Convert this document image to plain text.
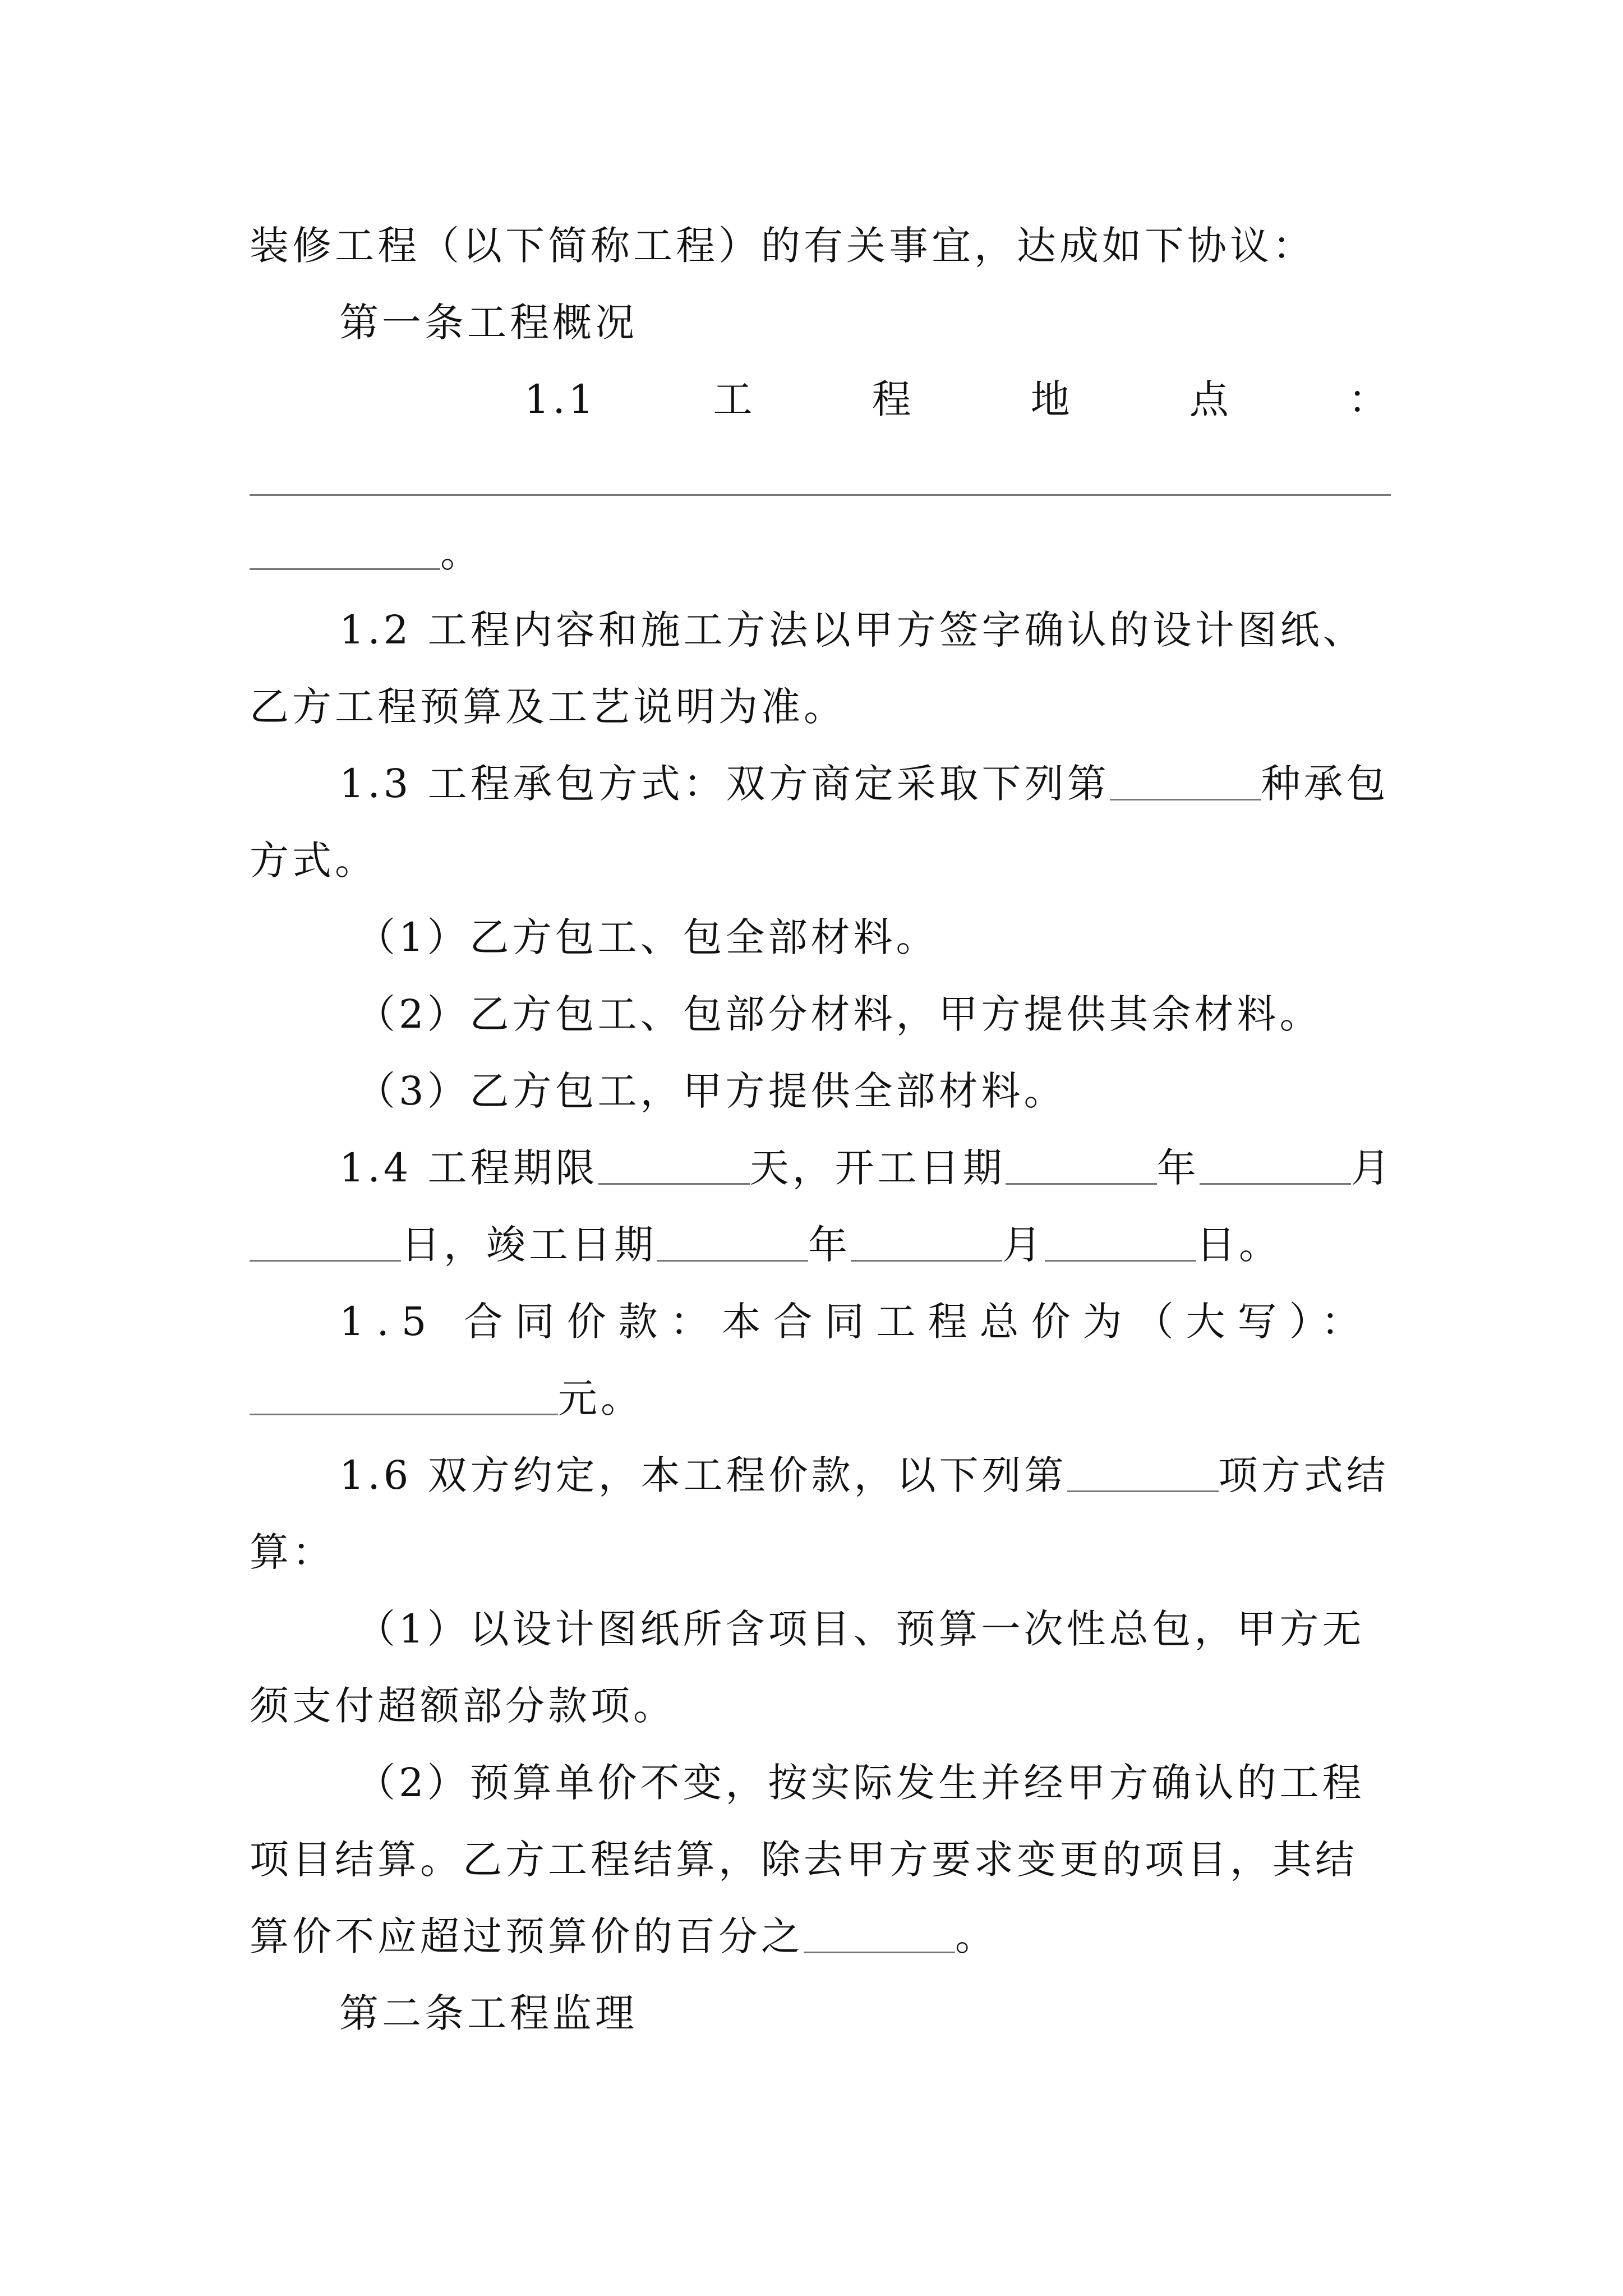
装修工程（以下简称工程）的有关事宜，达成如下协议：
第一条工程概况
1.1	工	程	地	点	：
。
1.2 工程内容和施工方法以甲方签字确认的设计图纸、
乙方工程预算及工艺说明为准。
1.3 工程承包方式：双方商定采取下列第	种承包
方式。
（1）乙方包工、包全部材料。
（2）乙方包工、包部分材料，甲方提供其余材料。
（3）乙方包工，甲方提供全部材料。
1.4 工程期限	天，开工日期	年	月
日，竣工日期	年	月	日。
1.5 合同价款：本合同工程总价为（大写）：
元。
1.6 双方约定，本工程价款，以下列第	项方式结
算：
（1）以设计图纸所含项目、预算一次性总包，甲方无
须支付超额部分款项。
（2）预算单价不变，按实际发生并经甲方确认的工程
项目结算。乙方工程结算，除去甲方要求变更的项目，其结
算价不应超过预算价的百分之	。
第二条工程监理
